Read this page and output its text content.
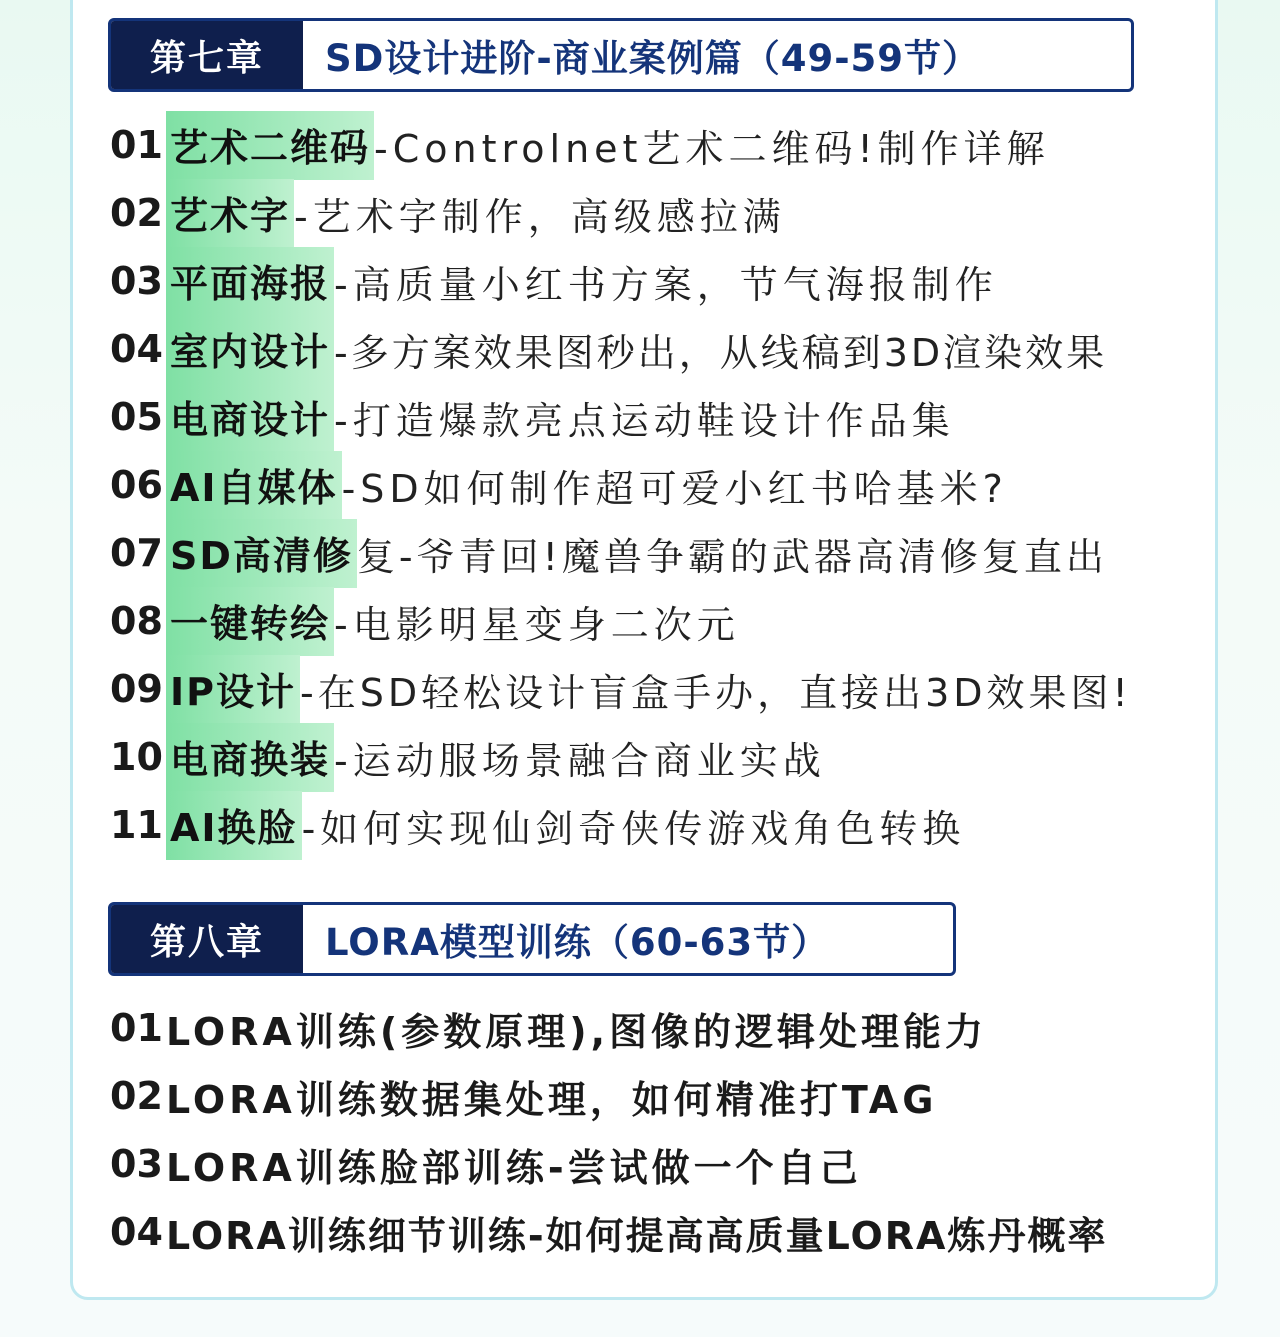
第七章	SD设计进阶-商业案例篇（49-59节）
01 艺术二维码 -Controlnet艺术二维码!制作详解
02 艺术字 -艺术字制作，高级感拉满
03 平面海报 -高质量小红书方案，节气海报制作
04 室内设计 -多方案效果图秒出，从线稿到3D渲染效果
05 电商设计 -打造爆款亮点运动鞋设计作品集
06 AI自媒体 -SD如何制作超可爱小红书哈基米?
07 SD高清修 复-爷青回!魔兽争霸的武器高清修复直出
08 一键转绘 -电影明星变身二次元
09 IP设计 -在SD轻松设计盲盒手办，直接出3D效果图!
10 电商换装 -运动服场景融合商业实战
11 AI换脸 -如何实现仙剑奇侠传游戏角色转换
第八章	LORA模型训练（60-63节）
01 LORA训练(参数原理),图像的逻辑处理能力
02 LORA训练数据集处理，如何精准打TAG
03 LORA训练脸部训练-尝试做一个自己
04 LORA训练细节训练-如何提高高质量LORA炼丹概率
